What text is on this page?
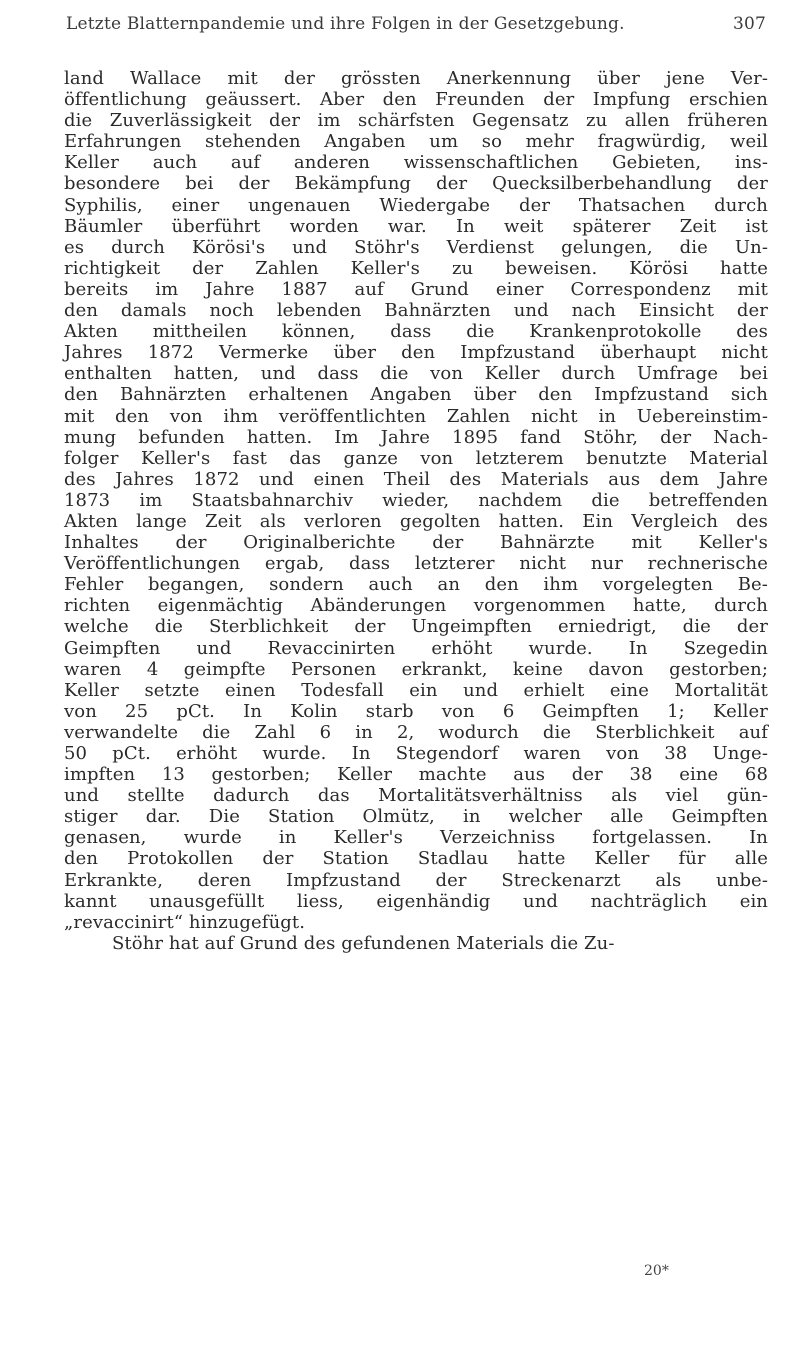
Letzte Blatternpandemie und ihre Folgen in der Gesetzgebung.	307
land Wallace mit der grössten Anerkennung über jene Ver-
öffentlichung geäussert. Aber den Freunden der Impfung erschien
die Zuverlässigkeit der im schärfsten Gegensatz zu allen früheren
Erfahrungen stehenden Angaben um so mehr fragwürdig, weil
Keller auch auf anderen wissenschaftlichen Gebieten, ins-
besondere bei der Bekämpfung der Quecksilberbehandlung der
Syphilis, einer ungenauen Wiedergabe der Thatsachen durch
Bäumler überführt worden war. In weit späterer Zeit ist
es durch Körösi's und Stöhr's Verdienst gelungen, die Un-
richtigkeit der Zahlen Keller's zu beweisen. Körösi hatte
bereits im Jahre 1887 auf Grund einer Correspondenz mit
den damals noch lebenden Bahnärzten und nach Einsicht der
Akten mittheilen können, dass die Krankenprotokolle des
Jahres 1872 Vermerke über den Impfzustand überhaupt nicht
enthalten hatten, und dass die von Keller durch Umfrage bei
den Bahnärzten erhaltenen Angaben über den Impfzustand sich
mit den von ihm veröffentlichten Zahlen nicht in Uebereinstim-
mung befunden hatten. Im Jahre 1895 fand Stöhr, der Nach-
folger Keller's fast das ganze von letzterem benutzte Material
des Jahres 1872 und einen Theil des Materials aus dem Jahre
1873 im Staatsbahnarchiv wieder, nachdem die betreffenden
Akten lange Zeit als verloren gegolten hatten. Ein Vergleich des
Inhaltes der Originalberichte der Bahnärzte mit Keller's
Veröffentlichungen ergab, dass letzterer nicht nur rechnerische
Fehler begangen, sondern auch an den ihm vorgelegten Be-
richten eigenmächtig Abänderungen vorgenommen hatte, durch
welche die Sterblichkeit der Ungeimpften erniedrigt, die der
Geimpften und Revaccinirten erhöht wurde. In Szegedin
waren 4 geimpfte Personen erkrankt, keine davon gestorben;
Keller setzte einen Todesfall ein und erhielt eine Mortalität
von 25 pCt. In Kolin starb von 6 Geimpften 1; Keller
verwandelte die Zahl 6 in 2, wodurch die Sterblichkeit auf
50 pCt. erhöht wurde. In Stegendorf waren von 38 Unge-
impften 13 gestorben; Keller machte aus der 38 eine 68
und stellte dadurch das Mortalitätsverhältniss als viel gün-
stiger dar. Die Station Olmütz, in welcher alle Geimpften
genasen, wurde in Keller's Verzeichniss fortgelassen. In
den Protokollen der Station Stadlau hatte Keller für alle
Erkrankte, deren Impfzustand der Streckenarzt als unbe-
kannt unausgefüllt liess, eigenhändig und nachträglich ein
„revaccinirt“ hinzugefügt.
Stöhr hat auf Grund des gefundenen Materials die Zu-
20*
